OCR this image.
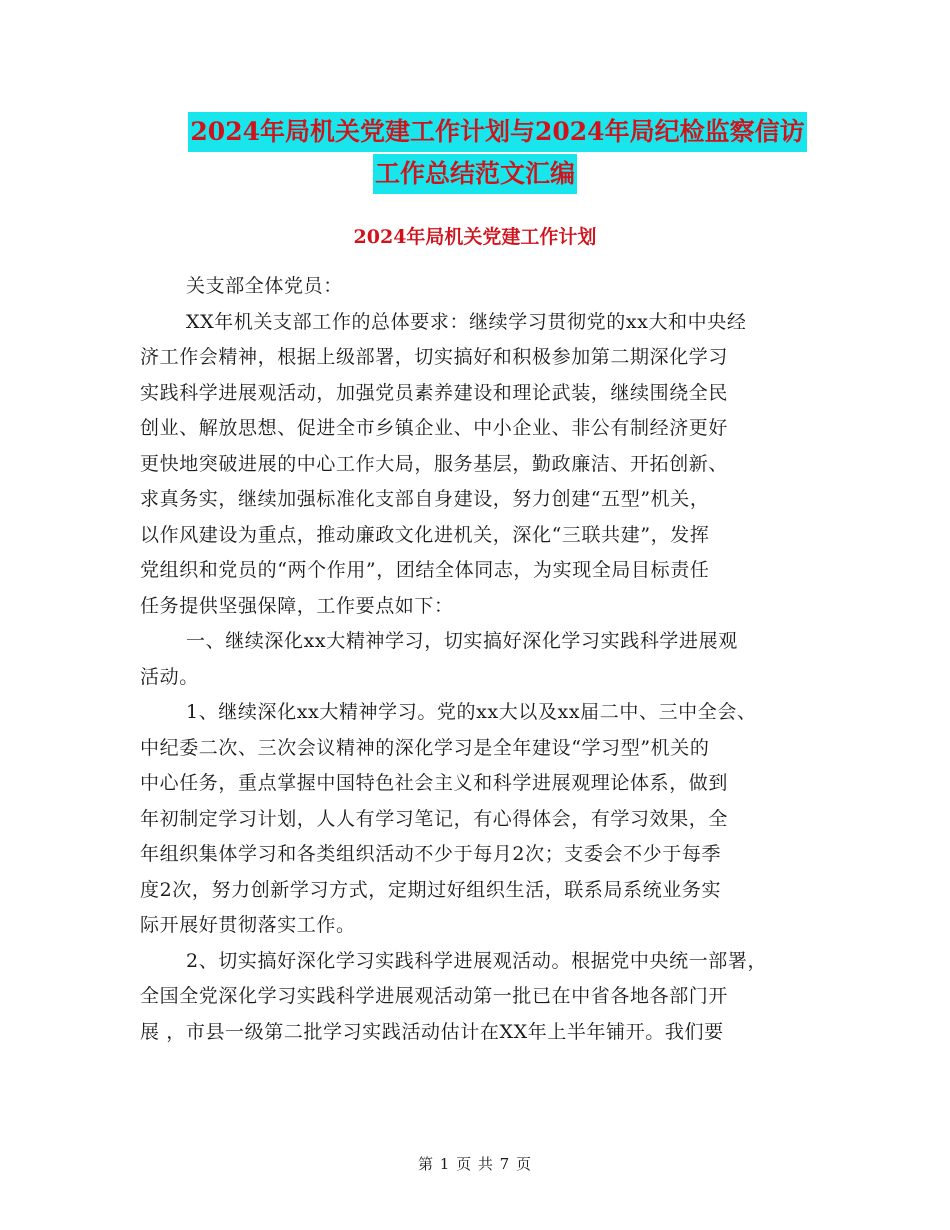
2024年局机关党建工作计划与2024年局纪检监察信访
工作总结范文汇编
2024年局机关党建工作计划
关支部全体党员：
XX年机关支部工作的总体要求：继续学习贯彻党的xx大和中央经
济工作会精神，根据上级部署，切实搞好和积极参加第二期深化学习
实践科学进展观活动，加强党员素养建设和理论武装，继续围绕全民
创业、解放思想、促进全市乡镇企业、中小企业、非公有制经济更好
更快地突破进展的中心工作大局，服务基层，勤政廉洁、开拓创新、
求真务实，继续加强标准化支部自身建设，努力创建“五型”机关，
以作风建设为重点，推动廉政文化进机关，深化“三联共建”，发挥
党组织和党员的“两个作用”，团结全体同志，为实现全局目标责任
任务提供坚强保障，工作要点如下：
一、继续深化xx大精神学习，切实搞好深化学习实践科学进展观
活动。
1、继续深化xx大精神学习。党的xx大以及xx届二中、三中全会、
中纪委二次、三次会议精神的深化学习是全年建设“学习型”机关的
中心任务，重点掌握中国特色社会主义和科学进展观理论体系，做到
年初制定学习计划，人人有学习笔记，有心得体会，有学习效果，全
年组织集体学习和各类组织活动不少于每月2次；支委会不少于每季
度2次，努力创新学习方式，定期过好组织生活，联系局系统业务实
际开展好贯彻落实工作。
2、切实搞好深化学习实践科学进展观活动。根据党中央统一部署，
全国全党深化学习实践科学进展观活动第一批已在中省各地各部门开
展 ，市县一级第二批学习实践活动估计在XX年上半年铺开。我们要
第 1 页 共 7 页
